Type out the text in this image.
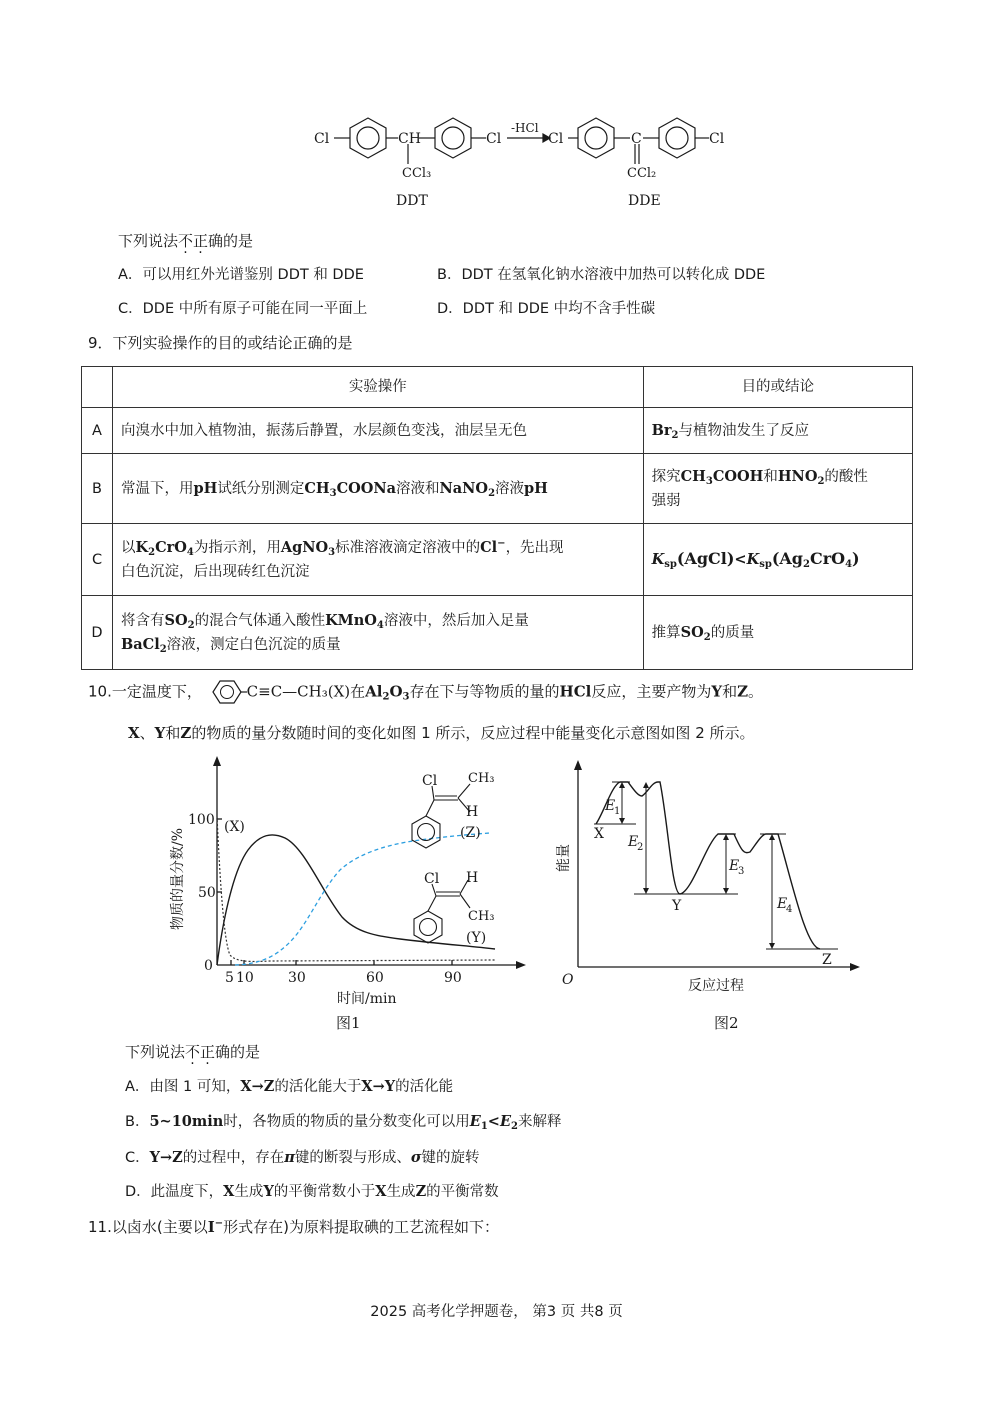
Cl	CH	Cl
CCl₃
-HCl
Cl	C	Cl
CCl₂
DDT	DDE
下列说法不正确的是
A．可以用红外光谱鉴别 DDT 和 DDE	B．DDT 在氢氧化钠水溶液中加热可以转化成 DDE
C．DDE 中所有原子可能在同一平面上	D．DDT 和 DDE 中均不含手性碳
9．下列实验操作的目的或结论正确的是
	实验操作	目的或结论
A	向溴水中加入植物油，振荡后静置，水层颜色变浅，油层呈无色	$Br_2$与植物油发生了反应
B	常温下，用pH试纸分别测定$CH_3COONa$溶液和NaNO$_2$溶液pH	探究$CH_3COOH$和$HNO_2$的酸性
强弱
C	以$K_2CrO_4$为指示剂，用AgNO$_3$标准溶液滴定溶液中的Cl−，先出现
白色沉淀，后出现砖红色沉淀	$K_{sp}(AgCl)<K_{sp}(Ag_2CrO_4)$
D	将含有$SO_2$的混合气体通入酸性KMnO$_4$溶液中，然后加入足量
BaCl$_2$溶液，测定白色沉淀的质量	推算$SO_2$的质量
10.一定温度下，	C≡C—CH₃(X)在$Al_2O_3$存在下与等物质的量的HCl反应，主要产物为Y和Z。
X、Y和Z的物质的量分数随时间的变化如图 1 所示，反应过程中能量变化示意图如图 2 所示。
100
50
0
5 10 30	60	90
(X)
Cl CH₃
H
(Z)
Cl H
CH₃
(Y)
时间/min
图1
物质的量分数/%
O
X
Y
Z
E
1
E
2
E
3
E
4
反应过程
图2
能量
下列说法不正确的是
A．由图 1 可知，X→Z的活化能大于X→Y的活化能
B．5~10min时，各物质的物质的量分数变化可以用$E_1<E_2$来解释
C．Y→Z的过程中，存在π键的断裂与形成、σ键的旋转
D．此温度下，X生成Y的平衡常数小于X生成Z的平衡常数
11.以卤水(主要以I−形式存在)为原料提取碘的工艺流程如下：
2025 高考化学押题卷， 第3 页 共8 页
